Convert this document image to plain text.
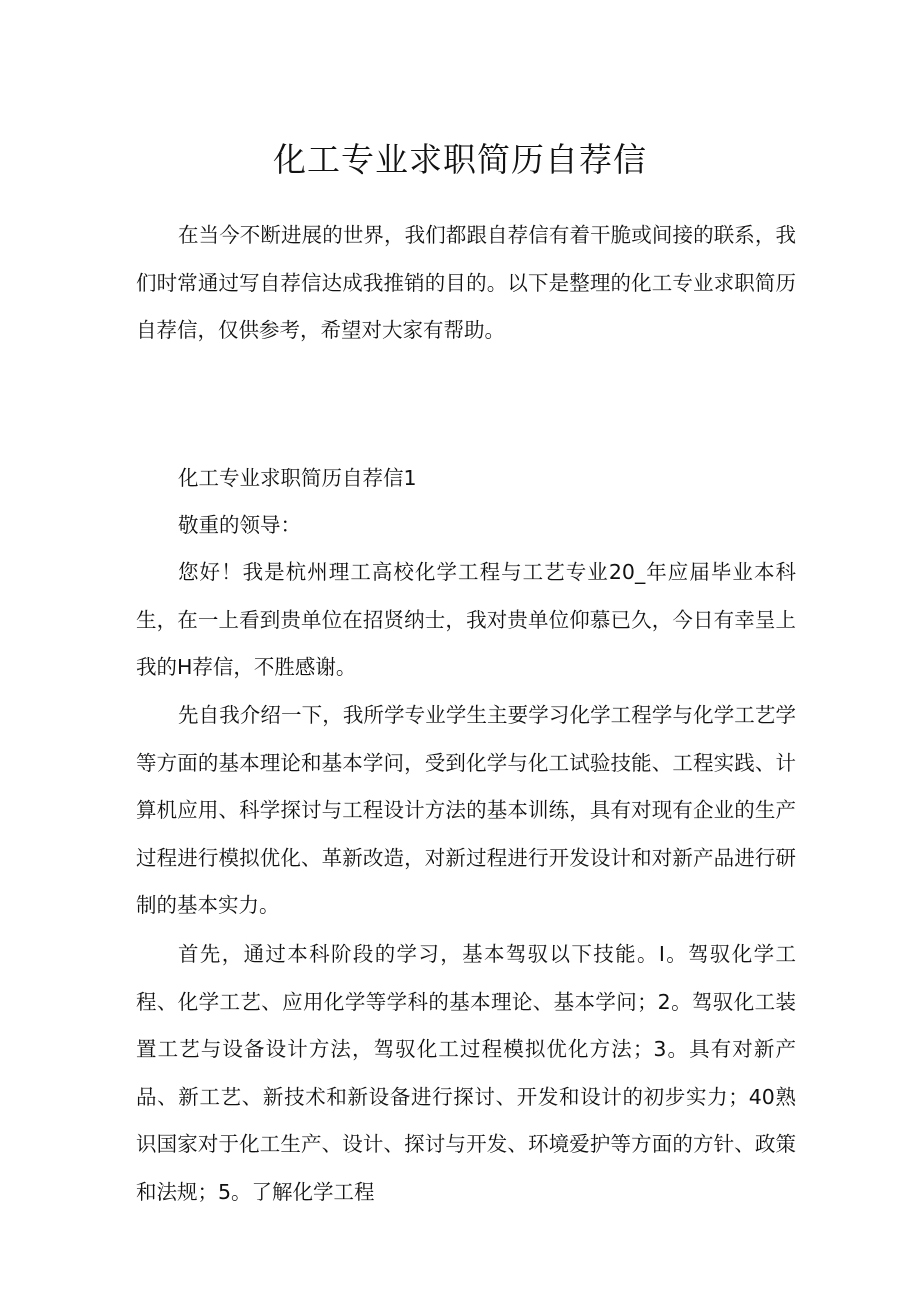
化工专业求职简历自荐信

在当今不断进展的世界，我们都跟自荐信有着干脆或间接的联系，我们时常通过写自荐信达成我推销的目的。以下是整理的化工专业求职简历自荐信，仅供参考，希望对大家有帮助。

化工专业求职简历自荐信1

敬重的领导：

您好！我是杭州理工高校化学工程与工艺专业20_年应届毕业本科生，在一上看到贵单位在招贤纳士，我对贵单位仰慕已久，今日有幸呈上我的H荐信，不胜感谢。

先自我介绍一下，我所学专业学生主要学习化学工程学与化学工艺学等方面的基本理论和基本学问，受到化学与化工试验技能、工程实践、计算机应用、科学探讨与工程设计方法的基本训练，具有对现有企业的生产过程进行模拟优化、革新改造，对新过程进行开发设计和对新产品进行研制的基本实力。

首先，通过本科阶段的学习，基本驾驭以下技能。I。驾驭化学工程、化学工艺、应用化学等学科的基本理论、基本学问；2。驾驭化工装置工艺与设备设计方法，驾驭化工过程模拟优化方法；3。具有对新产品、新工艺、新技术和新设备进行探讨、开发和设计的初步实力；40熟识国家对于化工生产、设计、探讨与开发、环境爱护等方面的方针、政策和法规；5。了解化学工程
